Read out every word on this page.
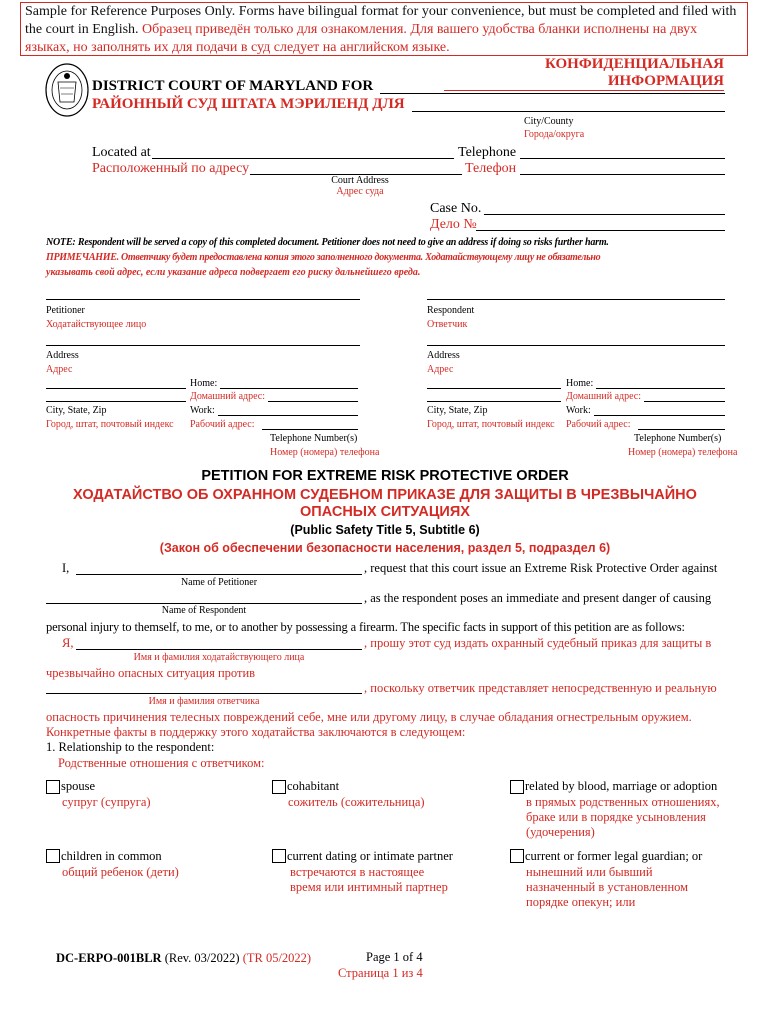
Sample for Reference Purposes Only. Forms have bilingual format for your convenience, but must be completed and filed with the court in English. Образец приведён только для ознакомления. Для вашего удобства бланки исполнены на двух языках, но заполнять их для подачи в суд следует на английском языке.
КОНФИДЕНЦИАЛЬНАЯ ИНФОРМАЦИЯ
DISTRICT COURT OF MARYLAND FOR
РАЙОННЫЙ СУД ШТАТА МЭРИЛЕНД ДЛЯ
City/County
Города/округа
Located at	Telephone
Расположенный по адресу	Телефон
Court Address
Адрес суда
Case No.
Дело №
NOTE: Respondent will be served a copy of this completed document. Petitioner does not need to give an address if doing so risks further harm.
ПРИМЕЧАНИЕ. Ответчику будет предоставлена копия этого заполненного документа. Ходатайствующему лицу не обязательно
указывать свой адрес, если указание адреса подвергает его риску дальнейшего вреда.
Petitioner
Ходатайствующее лицо
Address
Адрес
Home:
Домашний адрес:
City, State, Zip	Work:
Город, штат, почтовый индекс Рабочий адрес:
Telephone Number(s)
Номер (номера) телефона
Respondent
Ответчик
Address
Адрес
Home:
Домашний адрес:
City, State, Zip	Work:
Город, штат, почтовый индекс Рабочий адрес:
Telephone Number(s)
Номер (номера) телефона
PETITION FOR EXTREME RISK PROTECTIVE ORDER
ХОДАТАЙСТВО ОБ ОХРАННОМ СУДЕБНОМ ПРИКАЗЕ ДЛЯ ЗАЩИТЫ В ЧРЕЗВЫЧАЙНО
ОПАСНЫХ СИТУАЦИЯХ
(Public Safety Title 5, Subtitle 6)
(Закон об обеспечении безопасности населения, раздел 5, подраздел 6)
I,	, request that this court issue an Extreme Risk Protective Order against
Name of Petitioner
, as the respondent poses an immediate and present danger of causing
Name of Respondent
personal injury to themself, to me, or to another by possessing a firearm. The specific facts in support of this petition are as follows:
Я,	, прошу этот суд издать охранный судебный приказ для защиты в
Имя и фамилия ходатайствующего лица
чрезвычайно опасных ситуация против
, поскольку ответчик представляет непосредственную и реальную
Имя и фамилия ответчика
опасность причинения телесных повреждений себе, мне или другому лицу, в случае обладания огнестрельным оружием.
Конкретные факты в поддержку этого ходатайства заключаются в следующем:
1. Relationship to the respondent:
Родственные отношения с ответчиком:
spouse
супруг (супруга)
cohabitant
сожитель (сожительница)
related by blood, marriage or adoption
в прямых родственных отношениях,
браке или в порядке усыновления
(удочерения)
children in common
общий ребенок (дети)
current dating or intimate partner
встречаются в настоящее
время или интимный партнер
current or former legal guardian; or
нынешний или бывший
назначенный в установленном
порядке опекун; или
DC-ERPO-001BLR (Rev. 03/2022) (TR 05/2022)	Page 1 of 4
Страница 1 из 4
